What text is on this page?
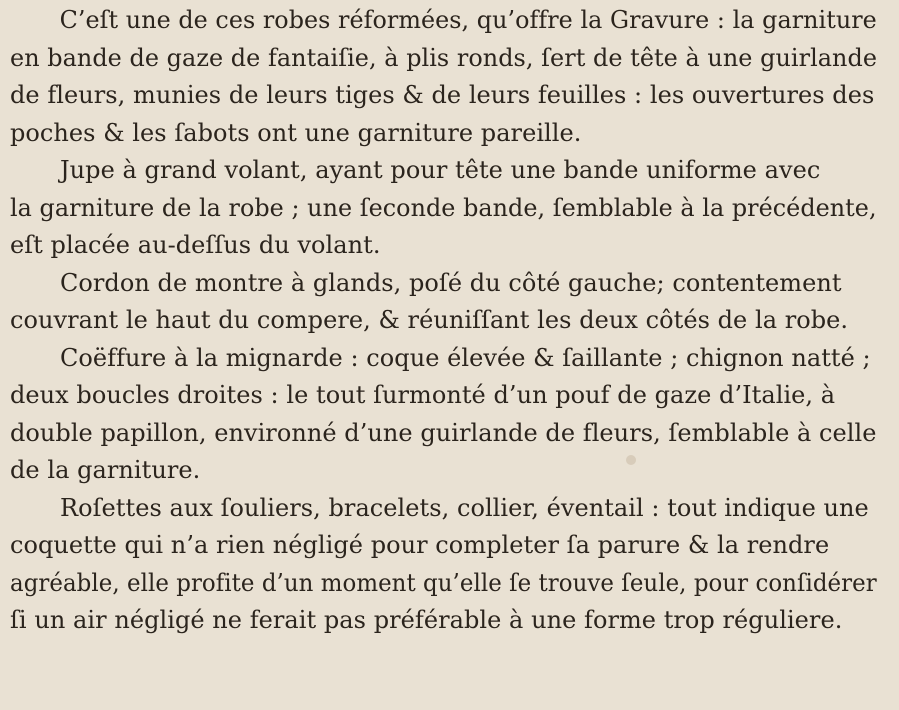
C’eſt une de ces robes réformées, qu’offre la Gravure : la garniture
en bande de gaze de fantaiſie, à plis ronds, ſert de tête à une guirlande
de fleurs, munies de leurs tiges & de leurs feuilles : les ouvertures des
poches & les ſabots ont une garniture pareille.
Jupe à grand volant, ayant pour tête une bande uniforme avec
la garniture de la robe ; une ſeconde bande, ſemblable à la précédente,
eſt placée au-deſſus du volant.
Cordon de montre à glands, poſé du côté gauche; contentement
couvrant le haut du compere, & réuniſſant les deux côtés de la robe.
Coëffure à la mignarde : coque élevée & ſaillante ; chignon natté ;
deux boucles droites : le tout ſurmonté d’un pouf de gaze d’Italie, à
double papillon, environné d’une guirlande de fleurs, ſemblable à celle
de la garniture.
Roſettes aux ſouliers, bracelets, collier, éventail : tout indique une
coquette qui n’a rien négligé pour completer ſa parure & la rendre
agréable, elle profite d’un moment qu’elle ſe trouve ſeule, pour conſidérer
ſi un air négligé ne ferait pas préférable à une forme trop réguliere.
